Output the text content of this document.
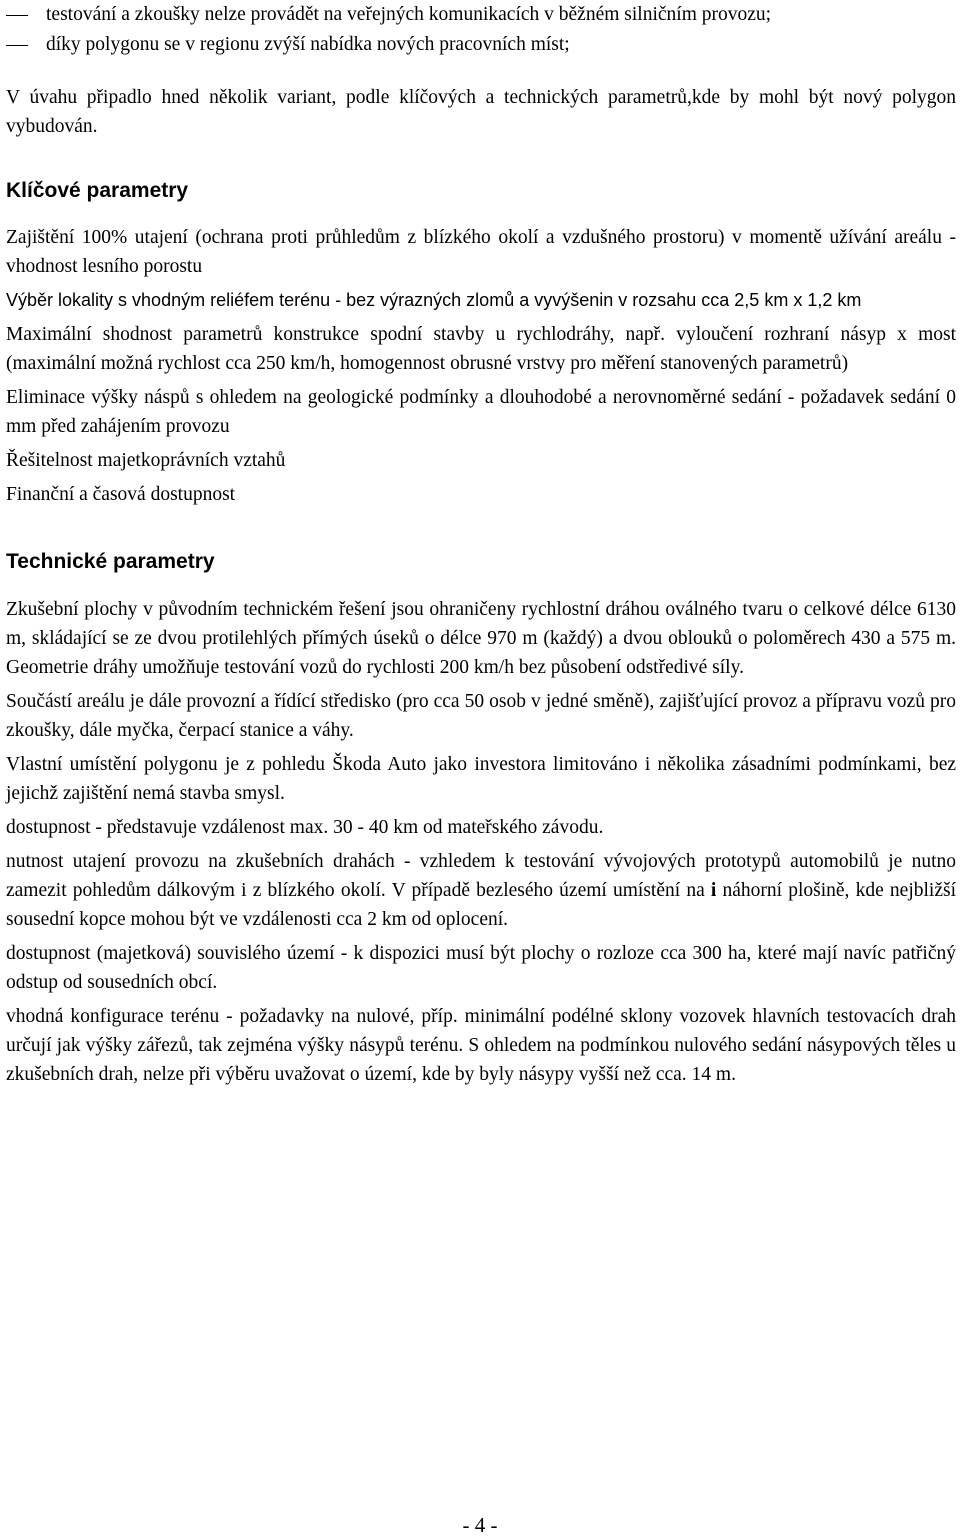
testování a zkoušky nelze provádět na veřejných komunikacích v běžném silničním provozu;
díky polygonu se v regionu zvýší nabídka nových pracovních míst;

V úvahu připadlo hned několik variant, podle klíčových a technických parametrů,kde by mohl být nový polygon vybudován.

Klíčové parametry

Zajištění 100% utajení (ochrana proti průhledům z blízkého okolí a vzdušného prostoru) v momentě užívání areálu - vhodnost lesního porostu

Výběr lokality s vhodným reliéfem terénu - bez výrazných zlomů a vyvýšenin v rozsahu cca 2,5 km x 1,2 km

Maximální shodnost parametrů konstrukce spodní stavby u rychlodráhy, např. vyloučení rozhraní násyp x most (maximální možná rychlost cca 250 km/h, homogennost obrusné vrstvy pro měření stanovených parametrů)

Eliminace výšky náspů s ohledem na geologické podmínky a dlouhodobé a nerovnoměrné sedání - požadavek sedání 0 mm před zahájením provozu

Řešitelnost majetkoprávních vztahů

Finanční a časová dostupnost

Technické parametry

Zkušební plochy v původním technickém řešení jsou ohraničeny rychlostní dráhou oválného tvaru o celkové délce 6130 m, skládající se ze dvou protilehlých přímých úseků o délce 970 m (každý) a dvou oblouků o poloměrech 430 a 575 m. Geometrie dráhy umožňuje testování vozů do rychlosti 200 km/h bez působení odstředivé síly.

Součástí areálu je dále provozní a řídící středisko (pro cca 50 osob v jedné směně), zajišťující provoz a přípravu vozů pro zkoušky, dále myčka, čerpací stanice a váhy.

Vlastní umístění polygonu je z pohledu Škoda Auto jako investora limitováno i několika zásadními podmínkami, bez jejichž zajištění nemá stavba smysl.

dostupnost - představuje vzdálenost max. 30 - 40 km od mateřského závodu.

nutnost utajení provozu na zkušebních drahách - vzhledem k testování vývojových prototypů automobilů je nutno zamezit pohledům dálkovým i z blízkého okolí. V případě bezlesého území umístění na i náhorní plošině, kde nejbližší sousední kopce mohou být ve vzdálenosti cca 2 km od oplocení.

dostupnost (majetková) souvislého území - k dispozici musí být plochy o rozloze cca 300 ha, které mají navíc patřičný odstup od sousedních obcí.

vhodná konfigurace terénu - požadavky na nulové, příp. minimální podélné sklony vozovek hlavních testovacích drah určují jak výšky zářezů, tak zejména výšky násypů terénu. S ohledem na podmínkou nulového sedání násypových těles u zkušebních drah, nelze při výběru uvažovat o území, kde by byly násypy vyšší než cca. 14 m.

- 4 -
